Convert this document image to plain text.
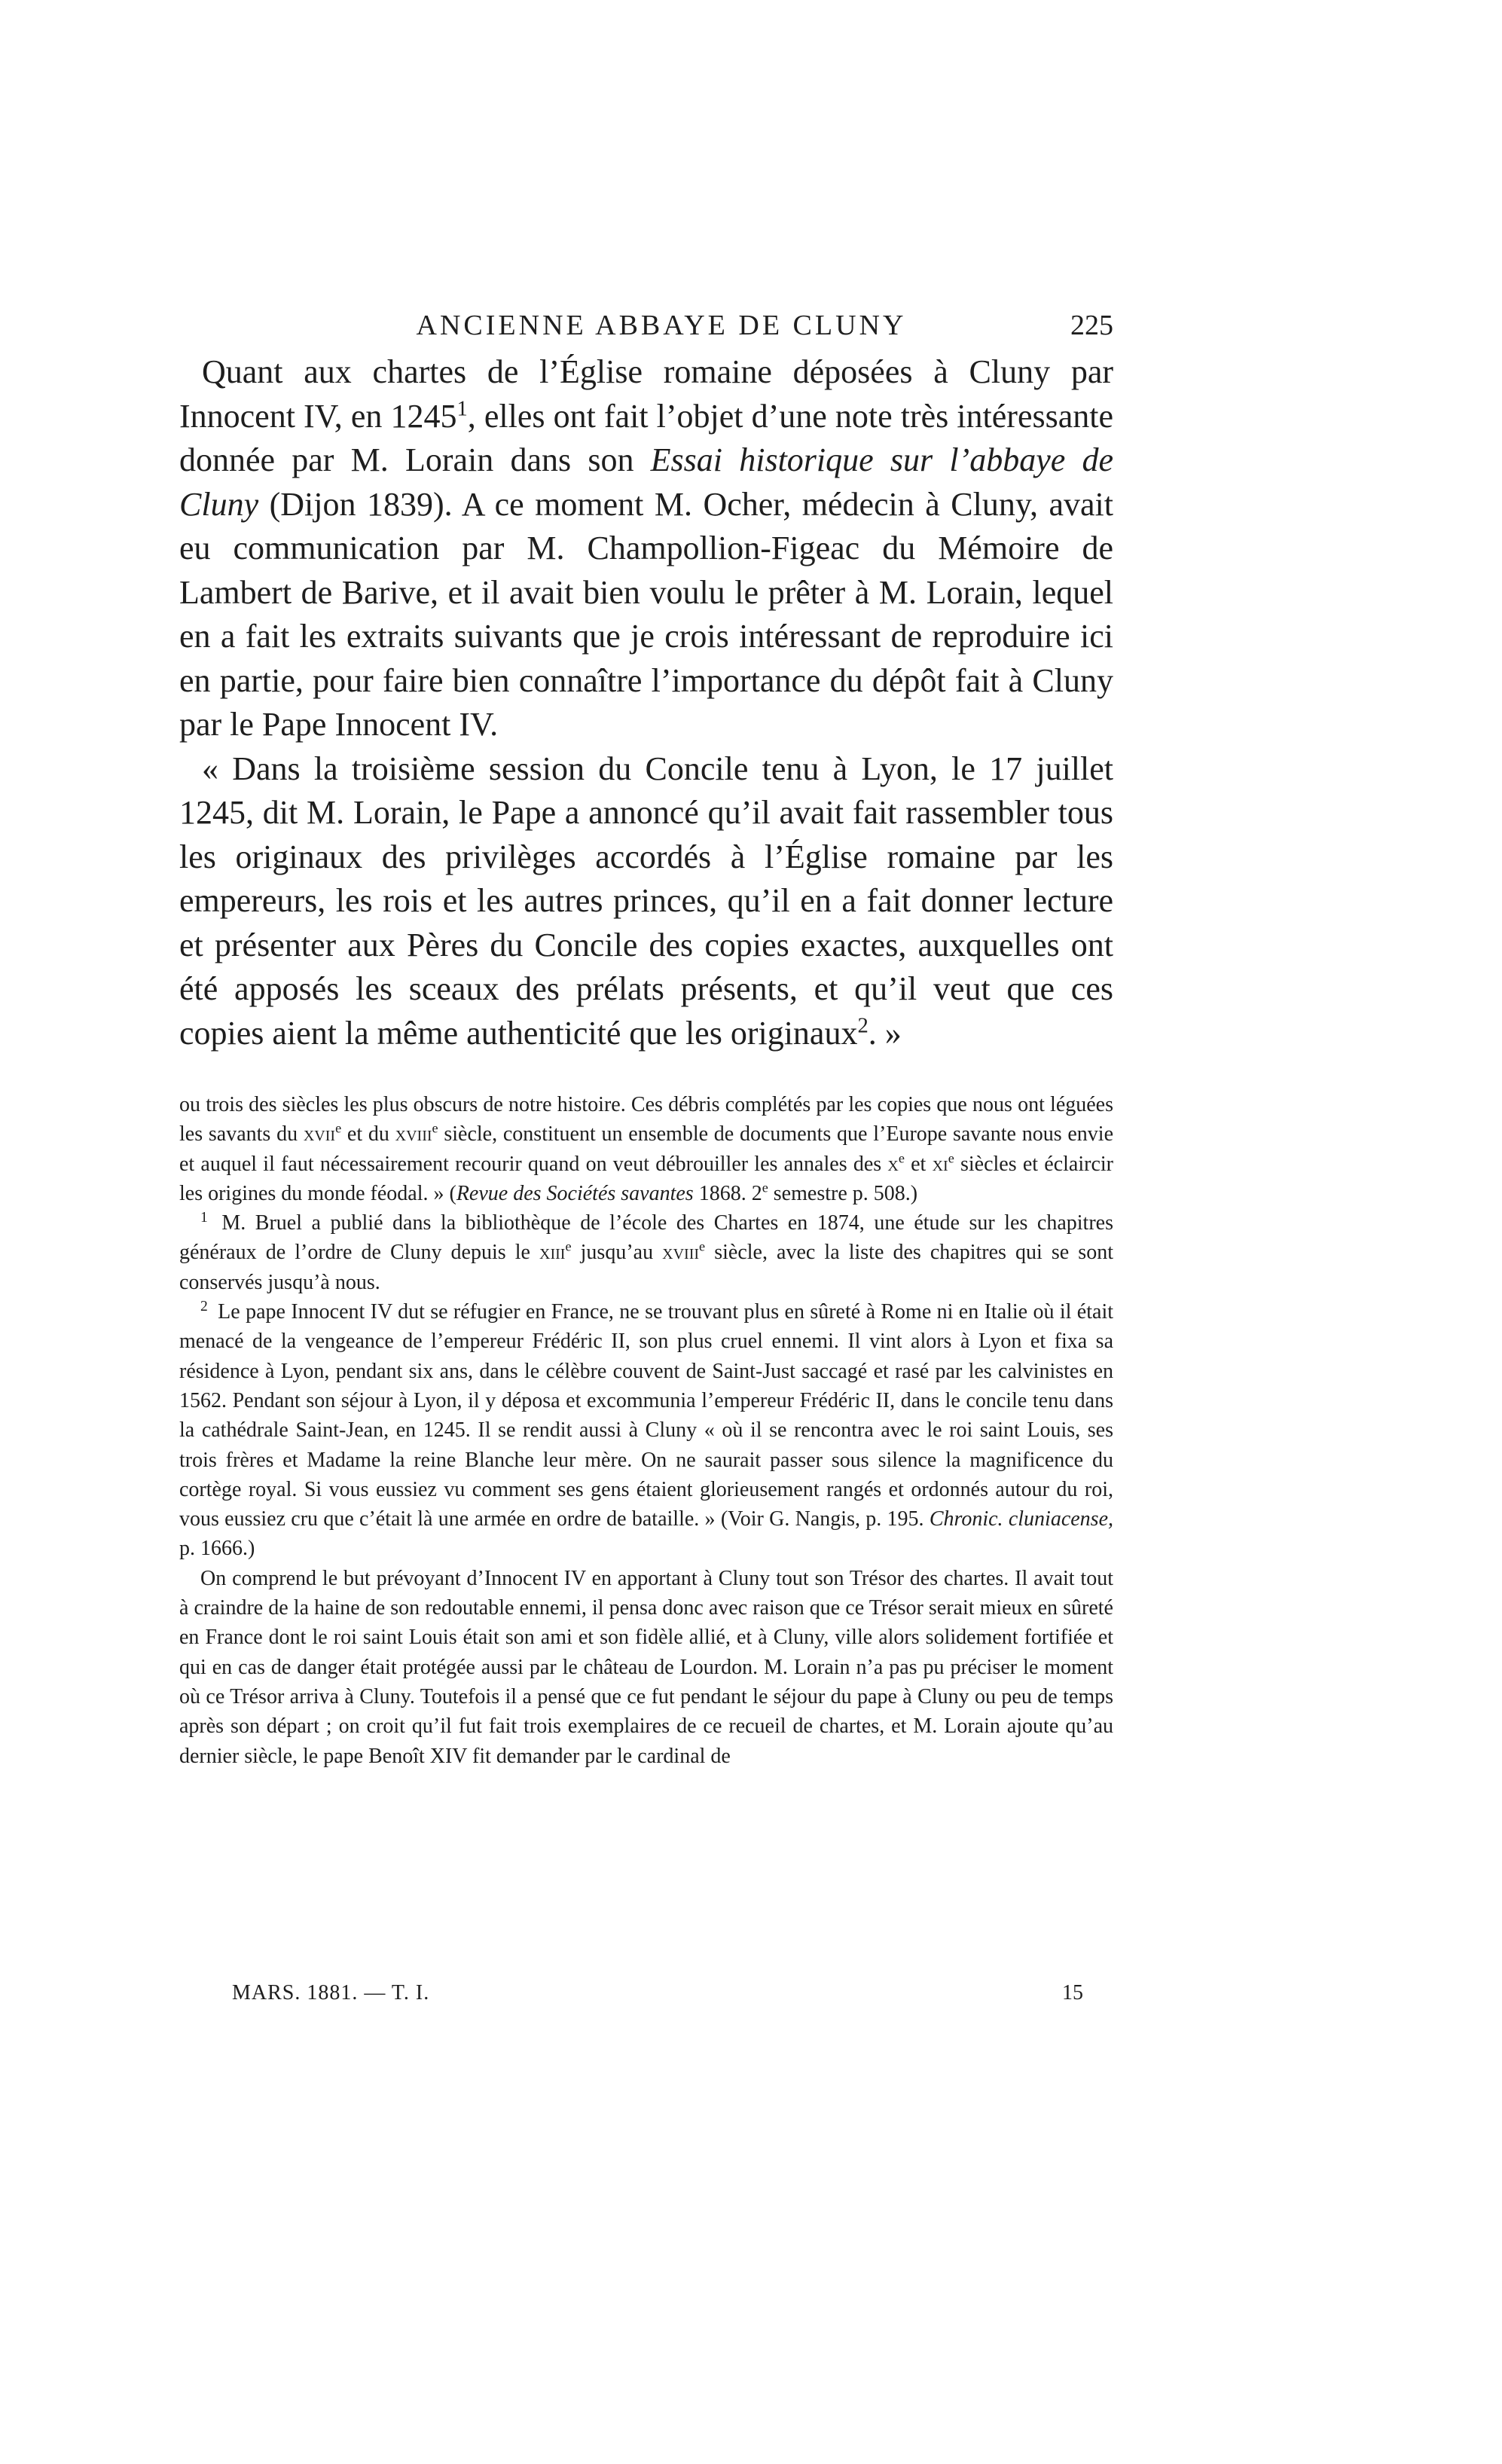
ANCIENNE ABBAYE DE CLUNY	225

Quant aux chartes de l’Église romaine déposées à Cluny par Innocent IV, en 1245$^1$, elles ont fait l’objet d’une note très intéressante donnée par M. Lorain dans son Essai historique sur l’abbaye de Cluny (Dijon 1839). A ce moment M. Ocher, médecin à Cluny, avait eu communication par M. Champollion-Figeac du Mémoire de Lambert de Barive, et il avait bien voulu le prêter à M. Lorain, lequel en a fait les extraits suivants que je crois intéressant de reproduire ici en partie, pour faire bien connaître l’importance du dépôt fait à Cluny par le Pape Innocent IV.

« Dans la troisième session du Concile tenu à Lyon, le 17 juillet 1245, dit M. Lorain, le Pape a annoncé qu’il avait fait rassembler tous les originaux des privilèges accordés à l’Église romaine par les empereurs, les rois et les autres princes, qu’il en a fait donner lecture et présenter aux Pères du Concile des copies exactes, auxquelles ont été apposés les sceaux des prélats présents, et qu’il veut que ces copies aient la même authenticité que les originaux$^2$. »

ou trois des siècles les plus obscurs de notre histoire. Ces débris complétés par les copies que nous ont léguées les savants du xvii$^e$ et du xviii$^e$ siècle, constituent un ensemble de documents que l’Europe savante nous envie et auquel il faut nécessairement recourir quand on veut débrouiller les annales des $x^e$ et $xi^e$ siècles et éclaircir les origines du monde féodal. » (Revue des Sociétés savantes 1868. 2e semestre p. 508.)

$^1$ M. Bruel a publié dans la bibliothèque de l’école des Chartes en 1874, une étude sur les chapitres généraux de l’ordre de Cluny depuis le xiii$^e$ jusqu’au xviii$^e$ siècle, avec la liste des chapitres qui se sont conservés jusqu’à nous.

$^2$ Le pape Innocent IV dut se réfugier en France, ne se trouvant plus en sûreté à Rome ni en Italie où il était menacé de la vengeance de l’empereur Frédéric II, son plus cruel ennemi. Il vint alors à Lyon et fixa sa résidence à Lyon, pendant six ans, dans le célèbre couvent de Saint-Just saccagé et rasé par les calvinistes en 1562. Pendant son séjour à Lyon, il y déposa et excommunia l’empereur Frédéric II, dans le concile tenu dans la cathédrale Saint-Jean, en 1245. Il se rendit aussi à Cluny « où il se rencontra avec le roi saint Louis, ses trois frères et Madame la reine Blanche leur mère. On ne saurait passer sous silence la magnificence du cortège royal. Si vous eussiez vu comment ses gens étaient glorieusement rangés et ordonnés autour du roi, vous eussiez cru que c’était là une armée en ordre de bataille. » (Voir G. Nangis, p. 195. Chronic. cluniacense, p. 1666.)

On comprend le but prévoyant d’Innocent IV en apportant à Cluny tout son Trésor des chartes. Il avait tout à craindre de la haine de son redoutable ennemi, il pensa donc avec raison que ce Trésor serait mieux en sûreté en France dont le roi saint Louis était son ami et son fidèle allié, et à Cluny, ville alors solidement fortifiée et qui en cas de danger était protégée aussi par le château de Lourdon. M. Lorain n’a pas pu préciser le moment où ce Trésor arriva à Cluny. Toutefois il a pensé que ce fut pendant le séjour du pape à Cluny ou peu de temps après son départ ; on croit qu’il fut fait trois exemplaires de ce recueil de chartes, et M. Lorain ajoute qu’au dernier siècle, le pape Benoît XIV fit demander par le cardinal de

MARS. 1881. — T. I.	15
